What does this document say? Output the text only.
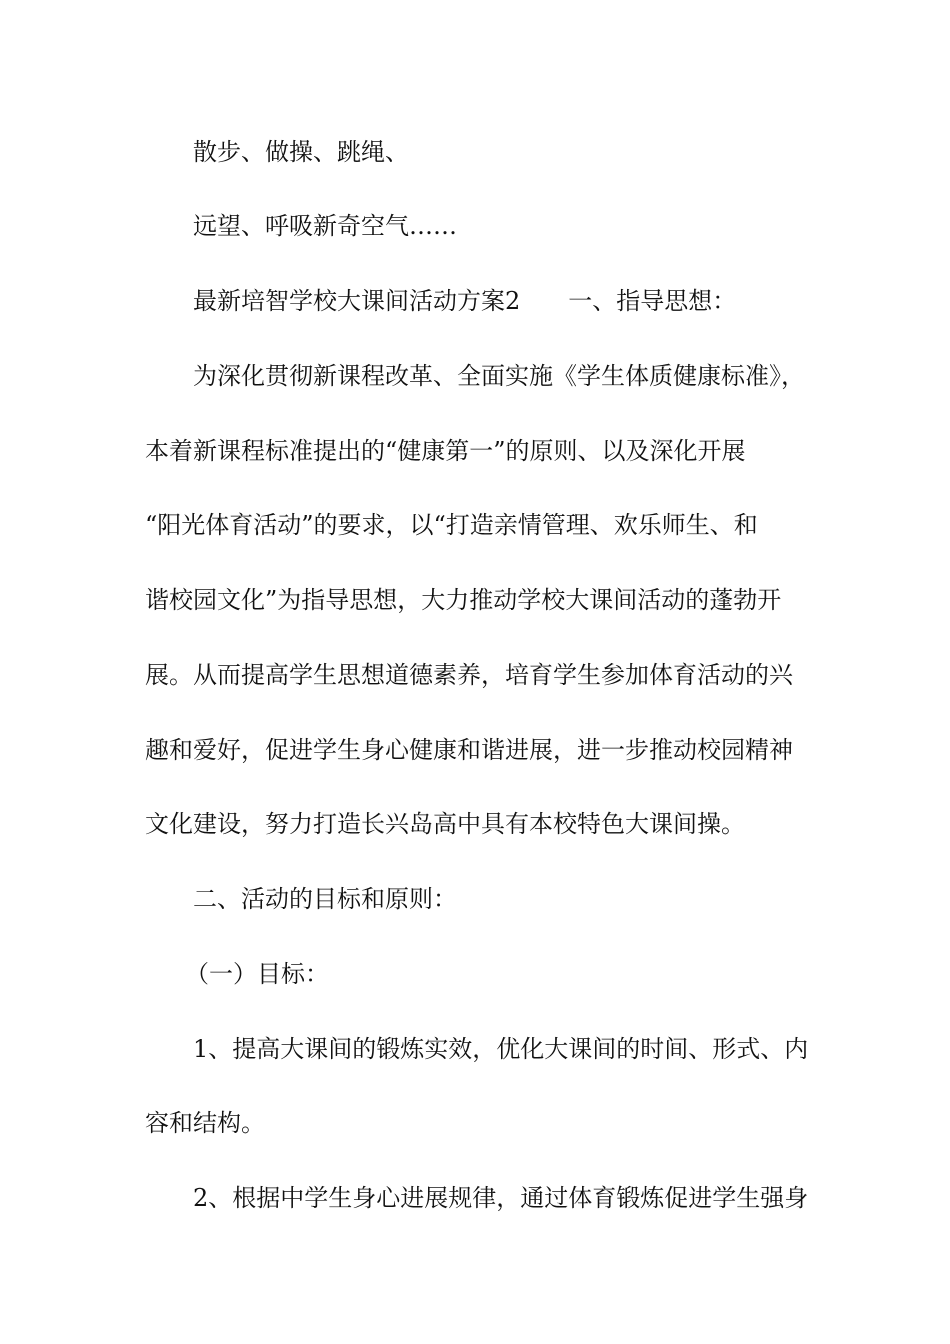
散步、做操、跳绳、
远望、呼吸新奇空气……
最新培智学校大课间活动方案2　　一、指导思想：
为深化贯彻新课程改革、全面实施《学生体质健康标准》，
本着新课程标准提出的“健康第一”的原则、以及深化开展
“阳光体育活动”的要求，以“打造亲情管理、欢乐师生、和
谐校园文化”为指导思想，大力推动学校大课间活动的蓬勃开
展。从而提高学生思想道德素养，培育学生参加体育活动的兴
趣和爱好，促进学生身心健康和谐进展，进一步推动校园精神
文化建设，努力打造长兴岛高中具有本校特色大课间操。
二、活动的目标和原则：
（一）目标：
1、提高大课间的锻炼实效，优化大课间的时间、形式、内
容和结构。
2、根据中学生身心进展规律，通过体育锻炼促进学生强身
